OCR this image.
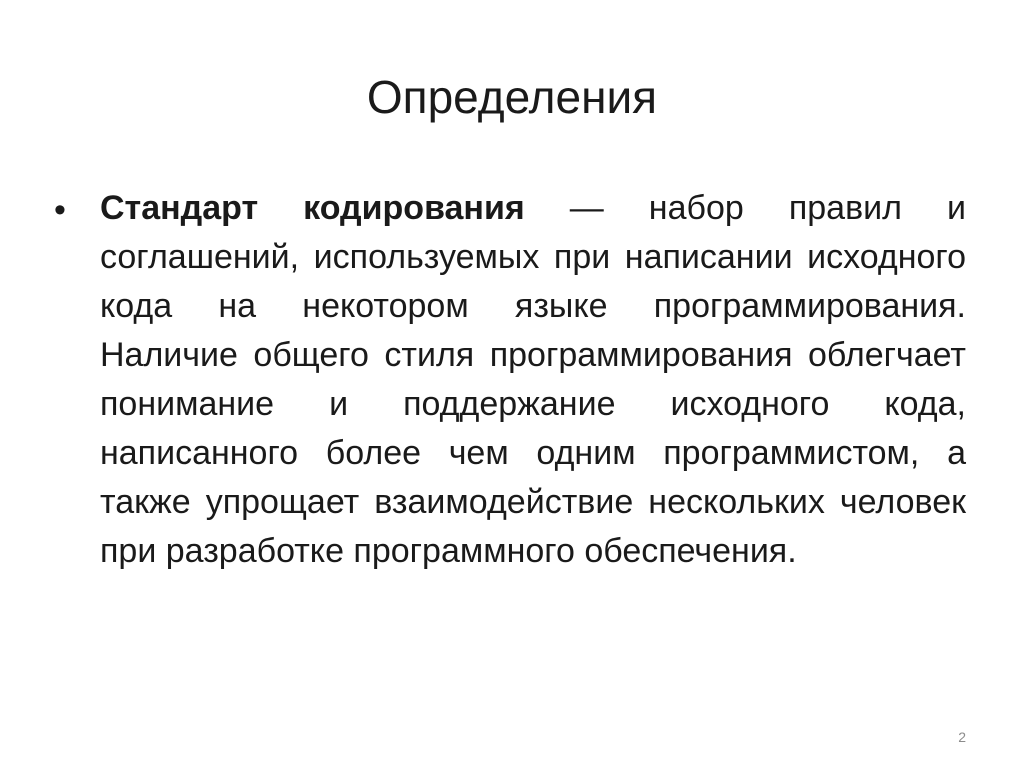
Определения
• Стандарт кодирования — набор правил и соглашений, используемых при написании исходного кода на некотором языке программирования. Наличие общего стиля программирования облегчает понимание и поддержание исходного кода, написанного более чем одним программистом, а также упрощает взаимодействие нескольких человек при разработке программного обеспечения.
2
